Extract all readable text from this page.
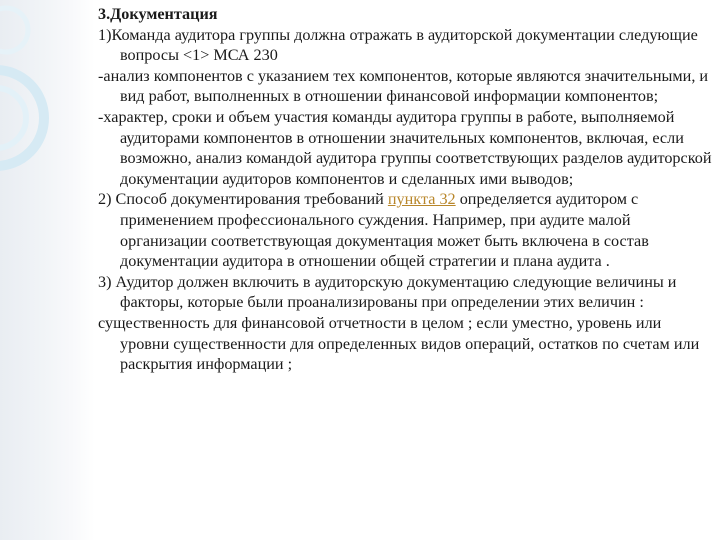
3.Документация

1)Команда аудитора группы должна отражать в аудиторской документации следующие вопросы <1> МСА 230

-анализ компонентов с указанием тех компонентов, которые являются значительными, и вид работ, выполненных в отношении финансовой информации компонентов;

-характер, сроки и объем участия команды аудитора группы в работе, выполняемой аудиторами компонентов в отношении значительных компонентов, включая, если возможно, анализ командой аудитора группы соответствующих разделов аудиторской документации аудиторов компонентов и сделанных ими выводов;

2) Способ документирования требований пункта 32 определяется аудитором с применением профессионального суждения. Например, при аудите малой организации соответствующая документация может быть включена в состав документации аудитора в отношении общей стратегии и плана аудита .

3) Аудитор должен включить в аудиторскую документацию следующие величины и факторы, которые были проанализированы при определении этих величин :

существенность для финансовой отчетности в целом ; если уместно, уровень или уровни существенности для определенных видов операций, остатков по счетам или раскрытия информации ;
